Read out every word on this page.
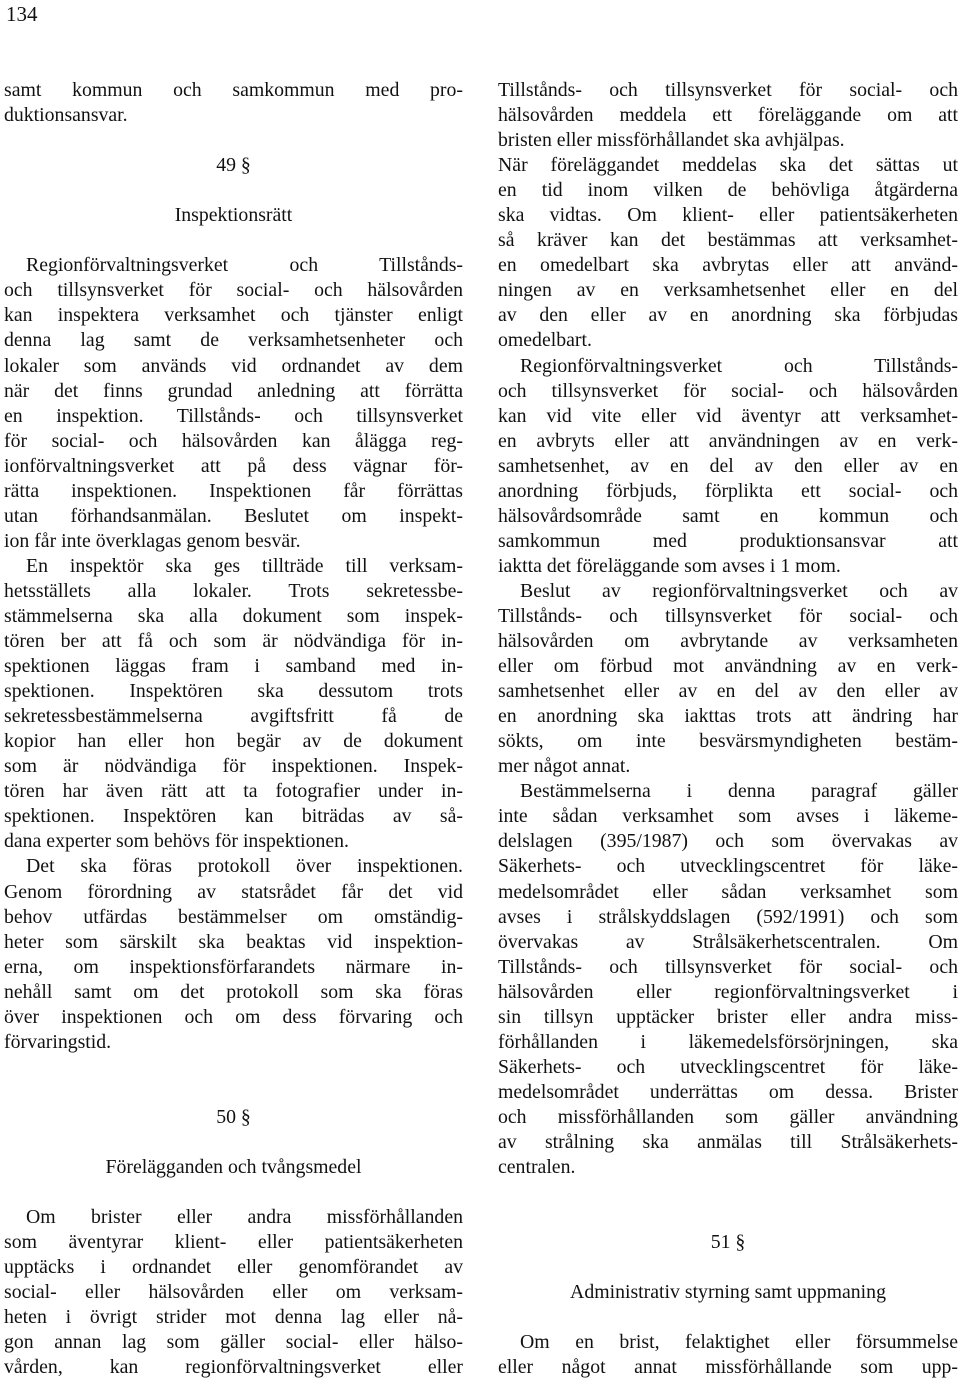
134
samt kommun och samkommun med pro-
duktionsansvar.
49 §
Inspektionsrätt
Regionförvaltningsverket och Tillstånds-
och tillsynsverket för social- och hälsovården
kan inspektera verksamhet och tjänster enligt
denna lag samt de verksamhetsenheter och
lokaler som används vid ordnandet av dem
när det finns grundad anledning att förrätta
en inspektion. Tillstånds- och tillsynsverket
för social- och hälsovården kan ålägga reg-
ionförvaltningsverket att på dess vägnar för-
rätta inspektionen. Inspektionen får förrättas
utan förhandsanmälan. Beslutet om inspekt-
ion får inte överklagas genom besvär.
En inspektör ska ges tillträde till verksam-
hetsställets alla lokaler. Trots sekretessbe-
stämmelserna ska alla dokument som inspek-
tören ber att få och som är nödvändiga för in-
spektionen läggas fram i samband med in-
spektionen. Inspektören ska dessutom trots
sekretessbestämmelserna avgiftsfritt få de
kopior han eller hon begär av de dokument
som är nödvändiga för inspektionen. Inspek-
tören har även rätt att ta fotografier under in-
spektionen. Inspektören kan biträdas av så-
dana experter som behövs för inspektionen.
Det ska föras protokoll över inspektionen.
Genom förordning av statsrådet får det vid
behov utfärdas bestämmelser om omständig-
heter som särskilt ska beaktas vid inspektion-
erna, om inspektionsförfarandets närmare in-
nehåll samt om det protokoll som ska föras
över inspektionen och om dess förvaring och
förvaringstid.
50 §
Förelägganden och tvångsmedel
Om brister eller andra missförhållanden
som äventyrar klient- eller patientsäkerheten
upptäcks i ordnandet eller genomförandet av
social- eller hälsovården eller om verksam-
heten i övrigt strider mot denna lag eller nå-
gon annan lag som gäller social- eller hälso-
vården, kan regionförvaltningsverket eller
Tillstånds- och tillsynsverket för social- och
hälsovården meddela ett föreläggande om att
bristen eller missförhållandet ska avhjälpas.
När föreläggandet meddelas ska det sättas ut
en tid inom vilken de behövliga åtgärderna
ska vidtas. Om klient- eller patientsäkerheten
så kräver kan det bestämmas att verksamhet-
en omedelbart ska avbrytas eller att använd-
ningen av en verksamhetsenhet eller en del
av den eller av en anordning ska förbjudas
omedelbart.
Regionförvaltningsverket och Tillstånds-
och tillsynsverket för social- och hälsovården
kan vid vite eller vid äventyr att verksamhet-
en avbryts eller att användningen av en verk-
samhetsenhet, av en del av den eller av en
anordning förbjuds, förplikta ett social- och
hälsovårdsområde samt en kommun och
samkommun med produktionsansvar att
iaktta det föreläggande som avses i 1 mom.
Beslut av regionförvaltningsverket och av
Tillstånds- och tillsynsverket för social- och
hälsovården om avbrytande av verksamheten
eller om förbud mot användning av en verk-
samhetsenhet eller av en del av den eller av
en anordning ska iakttas trots att ändring har
sökts, om inte besvärsmyndigheten bestäm-
mer något annat.
Bestämmelserna i denna paragraf gäller
inte sådan verksamhet som avses i läkeme-
delslagen (395/1987) och som övervakas av
Säkerhets- och utvecklingscentret för läke-
medelsområdet eller sådan verksamhet som
avses i strålskyddslagen (592/1991) och som
övervakas av Strålsäkerhetscentralen. Om
Tillstånds- och tillsynsverket för social- och
hälsovården eller regionförvaltningsverket i
sin tillsyn upptäcker brister eller andra miss-
förhållanden i läkemedelsförsörjningen, ska
Säkerhets- och utvecklingscentret för läke-
medelsområdet underrättas om dessa. Brister
och missförhållanden som gäller användning
av strålning ska anmälas till Strålsäkerhets-
centralen.
51 §
Administrativ styrning samt uppmaning
Om en brist, felaktighet eller försummelse
eller något annat missförhållande som upp-
